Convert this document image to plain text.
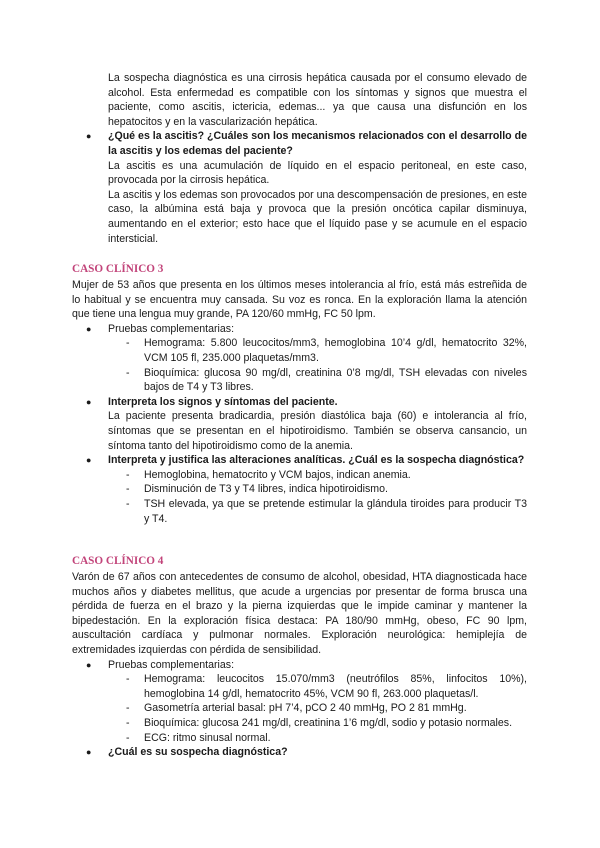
La sospecha diagnóstica es una cirrosis hepática causada por el consumo elevado de alcohol. Esta enfermedad es compatible con los síntomas y signos que muestra el paciente, como ascitis, ictericia, edemas... ya que causa una disfunción en los hepatocitos y en la vascularización hepática.

● ¿Qué es la ascitis? ¿Cuáles son los mecanismos relacionados con el desarrollo de la ascitis y los edemas del paciente?

La ascitis es una acumulación de líquido en el espacio peritoneal, en este caso, provocada por la cirrosis hepática.

La ascitis y los edemas son provocados por una descompensación de presiones, en este caso, la albúmina está baja y provoca que la presión oncótica capilar disminuya, aumentando en el exterior; esto hace que el líquido pase y se acumule en el espacio intersticial.

CASO CLÍNICO 3

Mujer de 53 años que presenta en los últimos meses intolerancia al frío, está más estreñida de lo habitual y se encuentra muy cansada. Su voz es ronca. En la exploración llama la atención que tiene una lengua muy grande, PA 120/60 mmHg, FC 50 lpm.

● Pruebas complementarias:
- Hemograma: 5.800 leucocitos/mm3, hemoglobina 10’4 g/dl, hematocrito 32%, VCM 105 fl, 235.000 plaquetas/mm3.
- Bioquímica: glucosa 90 mg/dl, creatinina 0’8 mg/dl, TSH elevadas con niveles bajos de T4 y T3 libres.
● Interpreta los signos y síntomas del paciente.

La paciente presenta bradicardia, presión diastólica baja (60) e intolerancia al frío, síntomas que se presentan en el hipotiroidismo. También se observa cansancio, un síntoma tanto del hipotiroidismo como de la anemia.

● Interpreta y justifica las alteraciones analíticas. ¿Cuál es la sospecha diagnóstica?
- Hemoglobina, hematocrito y VCM bajos, indican anemia.
- Disminución de T3 y T4 libres, indica hipotiroidismo.
- TSH elevada, ya que se pretende estimular la glándula tiroides para producir T3 y T4.
CASO CLÍNICO 4

Varón de 67 años con antecedentes de consumo de alcohol, obesidad, HTA diagnosticada hace muchos años y diabetes mellitus, que acude a urgencias por presentar de forma brusca una pérdida de fuerza en el brazo y la pierna izquierdas que le impide caminar y mantener la bipedestación. En la exploración física destaca: PA 180/90 mmHg, obeso, FC 90 lpm, auscultación cardíaca y pulmonar normales. Exploración neurológica: hemiplejía de extremidades izquierdas con pérdida de sensibilidad.

● Pruebas complementarias:
- Hemograma: leucocitos 15.070/mm3 (neutrófilos 85%, linfocitos 10%), hemoglobina 14 g/dl, hematocrito 45%, VCM 90 fl, 263.000 plaquetas/l.
- Gasometría arterial basal: pH 7’4, pCO 2 40 mmHg, PO 2 81 mmHg.
- Bioquímica: glucosa 241 mg/dl, creatinina 1’6 mg/dl, sodio y potasio normales.
- ECG: ritmo sinusal normal.
● ¿Cuál es su sospecha diagnóstica?
